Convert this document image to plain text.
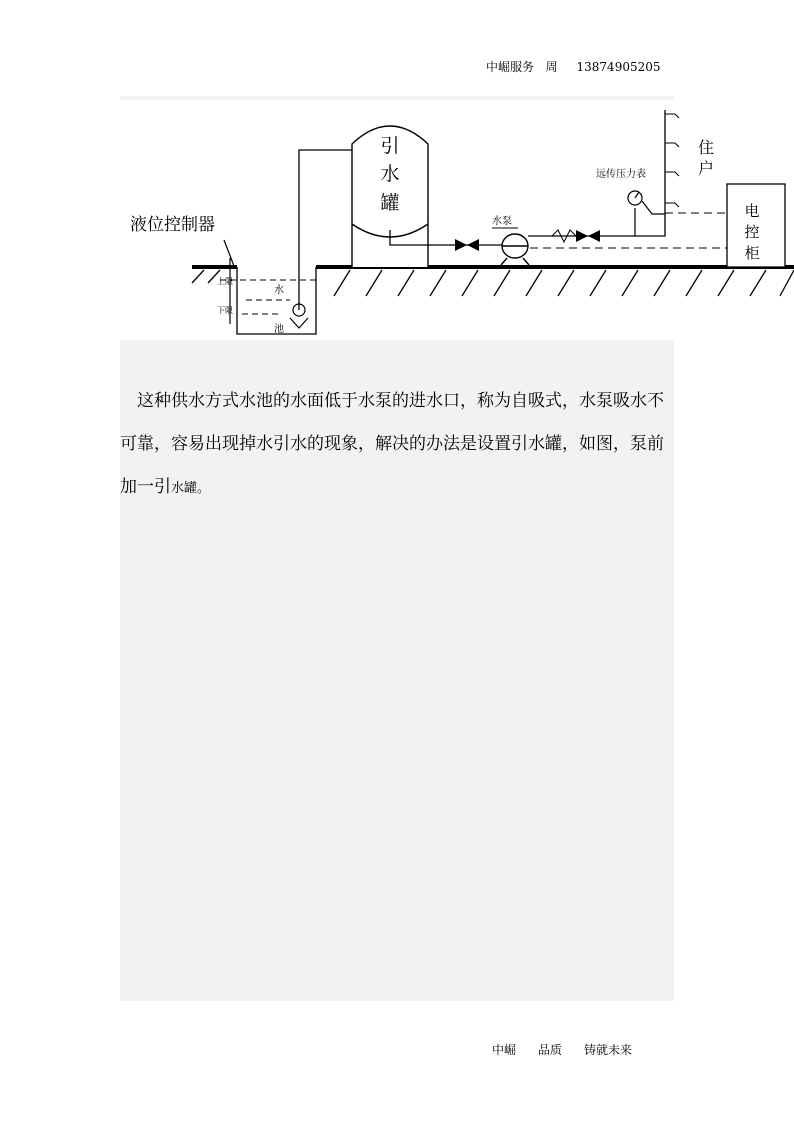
中崛服务   周     13874905205
上限
下限
水
池
液位控制器
引
水
罐
水泵
远传压力表
住
户
电
控
柜
这种供水方式水池的水面低于水泵的进水口，称为自吸式，水泵吸水不可靠，容易出现掉水引水的现象，解决的办法是设置引水罐，如图，泵前加一引水罐。
中崛 品质 铸就未来
